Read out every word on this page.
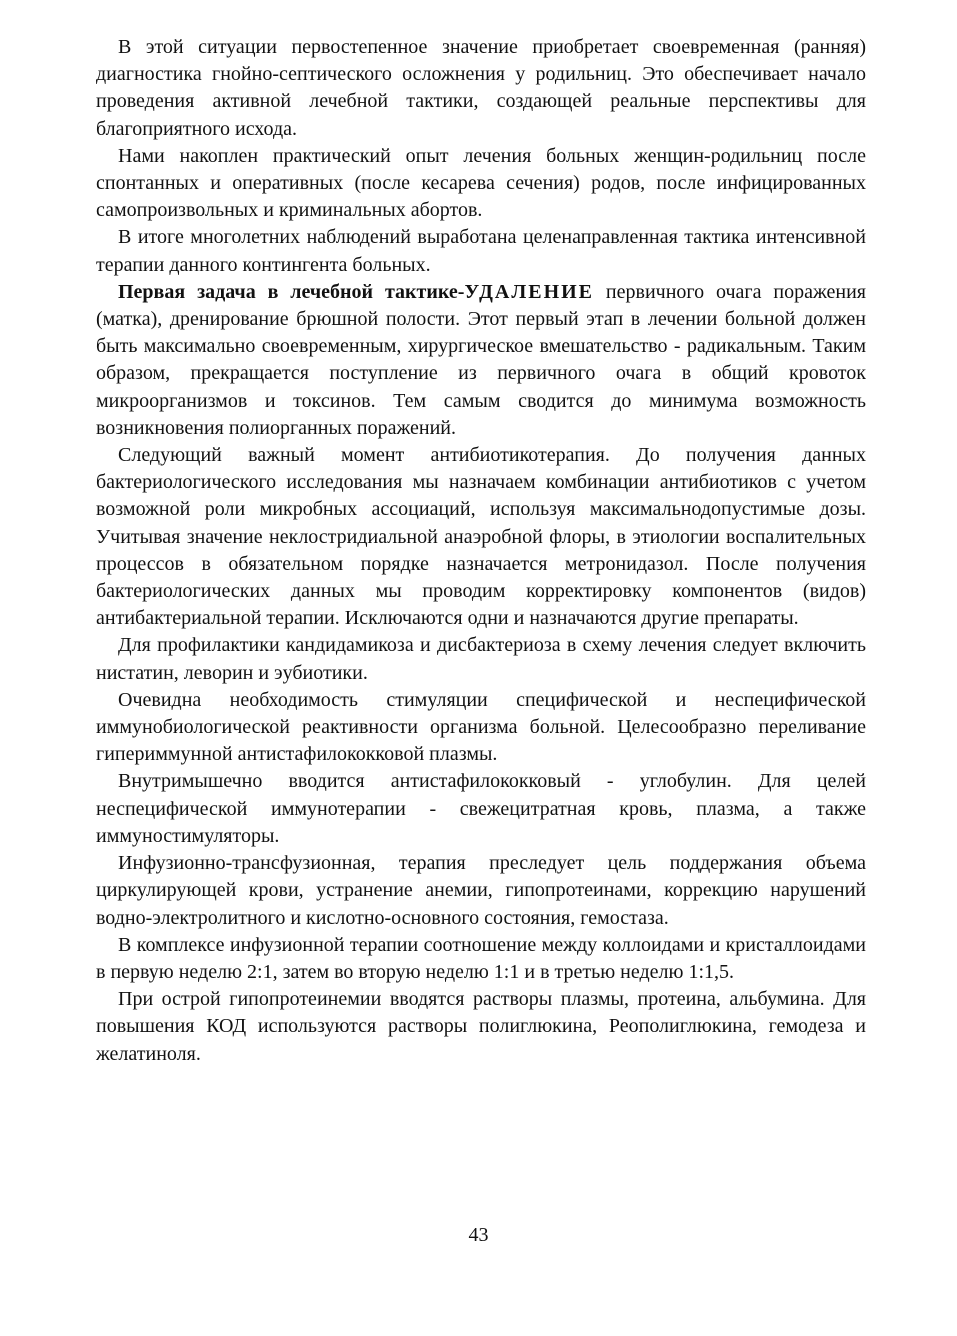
В этой ситуации первостепенное значение приобретает своевременная (ранняя) диагностика гнойно-септического осложнения у родильниц. Это обеспечивает начало проведения активной лечебной тактики, создающей реальные перспективы для благоприятного исхода.

Нами накоплен практический опыт лечения больных женщин-родильниц после спонтанных и оперативных (после кесарева сечения) родов, после инфицированных самопроизвольных и криминальных абортов.

В итоге многолетних наблюдений выработана целенаправленная тактика интенсивной терапии данного контингента больных.

Первая задача в лечебной тактике-УДАЛЕНИЕ первичного очага поражения (матка), дренирование брюшной полости. Этот первый этап в лечении больной должен быть максимально своевременным, хирургическое вмешательство - радикальным. Таким образом, прекращается поступление из первичного очага в общий кровоток микроорганизмов и токсинов. Тем самым сводится до минимума возможность возникновения полиорганных поражений.

Следующий важный момент антибиотикотерапия. До получения данных бактериологического исследования мы назначаем комбинации антибиотиков с учетом возможной роли микробных ассоциаций, используя максимальнодопустимые дозы. Учитывая значение неклостридиальной анаэробной флоры, в этиологии воспалительных процессов в обязательном порядке назначается метронидазол. После получения бактериологических данных мы проводим корректировку компонентов (видов) антибактериальной терапии. Исключаются одни и назначаются другие препараты.

Для профилактики кандидамикоза и дисбактериоза в схему лечения следует включить нистатин, леворин и эубиотики.

Очевидна необходимость стимуляции специфической и неспецифической иммунобиологической реактивности организма больной. Целесообразно переливание гипериммунной антистафилококковой плазмы.

Внутримышечно вводится антистафилококковый - углобулин. Для целей неспецифической иммунотерапии - свежецитратная кровь, плазма, а также иммуностимуляторы.

Инфузионно-трансфузионная, терапия преследует цель поддержания объема циркулирующей крови, устранение анемии, гипопротеинами, коррекцию нарушений водно-электролитного и кислотно-основного состояния, гемостаза.

В комплексе инфузионной терапии соотношение между коллоидами и кристаллоидами в первую неделю 2:1, затем во вторую неделю 1:1 и в третью неделю 1:1,5.

При острой гипопротеинемии вводятся растворы плазмы, протеина, альбумина. Для повышения КОД используются растворы полиглюкина, Реополиглюкина, гемодеза и желатиноля.

43
